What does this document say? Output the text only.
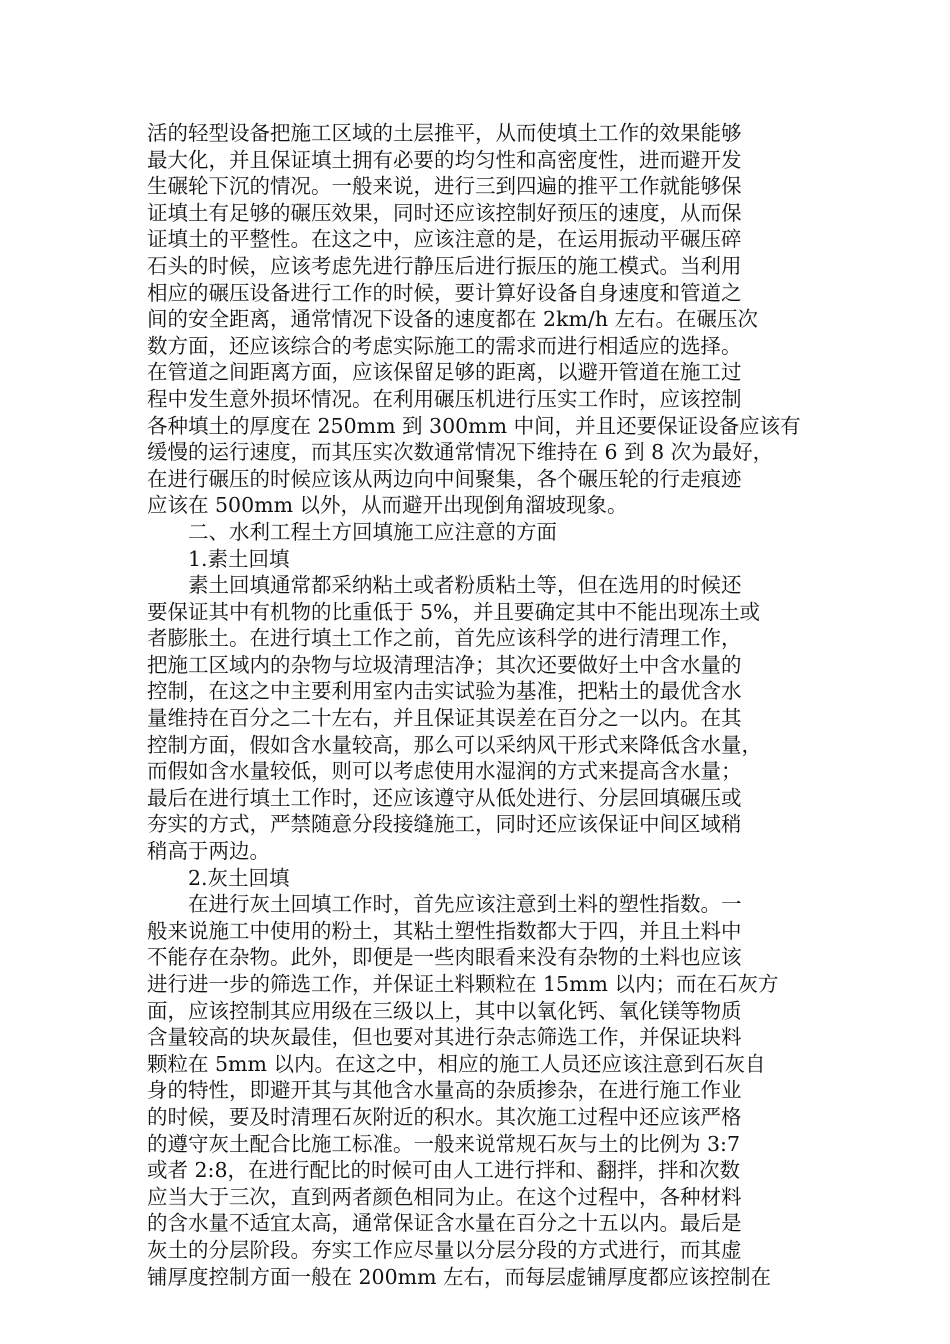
活的轻型设备把施工区域的土层推平，从而使填土工作的效果能够
最大化，并且保证填土拥有必要的均匀性和高密度性，进而避开发
生碾轮下沉的情况。一般来说，进行三到四遍的推平工作就能够保
证填土有足够的碾压效果，同时还应该控制好预压的速度，从而保
证填土的平整性。在这之中，应该注意的是，在运用振动平碾压碎
石头的时候，应该考虑先进行静压后进行振压的施工模式。当利用
相应的碾压设备进行工作的时候，要计算好设备自身速度和管道之
间的安全距离，通常情况下设备的速度都在 2km/h 左右。在碾压次
数方面，还应该综合的考虑实际施工的需求而进行相适应的选择。
在管道之间距离方面，应该保留足够的距离，以避开管道在施工过
程中发生意外损坏情况。在利用碾压机进行压实工作时，应该控制
各种填土的厚度在 250mm 到 300mm 中间，并且还要保证设备应该有
缓慢的运行速度，而其压实次数通常情况下维持在 6 到 8 次为最好，
在进行碾压的时候应该从两边向中间聚集，各个碾压轮的行走痕迹
应该在 500mm 以外，从而避开出现倒角溜坡现象。
二、水利工程土方回填施工应注意的方面
1.素土回填
素土回填通常都采纳粘土或者粉质粘土等，但在选用的时候还
要保证其中有机物的比重低于 5%，并且要确定其中不能出现冻土或
者膨胀土。在进行填土工作之前，首先应该科学的进行清理工作，
把施工区域内的杂物与垃圾清理洁净；其次还要做好土中含水量的
控制，在这之中主要利用室内击实试验为基准，把粘土的最优含水
量维持在百分之二十左右，并且保证其误差在百分之一以内。在其
控制方面，假如含水量较高，那么可以采纳风干形式来降低含水量，
而假如含水量较低，则可以考虑使用水湿润的方式来提高含水量；
最后在进行填土工作时，还应该遵守从低处进行、分层回填碾压或
夯实的方式，严禁随意分段接缝施工，同时还应该保证中间区域稍
稍高于两边。
2.灰土回填
在进行灰土回填工作时，首先应该注意到土料的塑性指数。一
般来说施工中使用的粉土，其粘土塑性指数都大于四，并且土料中
不能存在杂物。此外，即便是一些肉眼看来没有杂物的土料也应该
进行进一步的筛选工作，并保证土料颗粒在 15mm 以内；而在石灰方
面，应该控制其应用级在三级以上，其中以氧化钙、氧化镁等物质
含量较高的块灰最佳，但也要对其进行杂志筛选工作，并保证块料
颗粒在 5mm 以内。在这之中，相应的施工人员还应该注意到石灰自
身的特性，即避开其与其他含水量高的杂质掺杂，在进行施工作业
的时候，要及时清理石灰附近的积水。其次施工过程中还应该严格
的遵守灰土配合比施工标准。一般来说常规石灰与土的比例为 3:7
或者 2:8，在进行配比的时候可由人工进行拌和、翻拌，拌和次数
应当大于三次，直到两者颜色相同为止。在这个过程中，各种材料
的含水量不适宜太高，通常保证含水量在百分之十五以内。最后是
灰土的分层阶段。夯实工作应尽量以分层分段的方式进行，而其虚
铺厚度控制方面一般在 200mm 左右，而每层虚铺厚度都应该控制在
